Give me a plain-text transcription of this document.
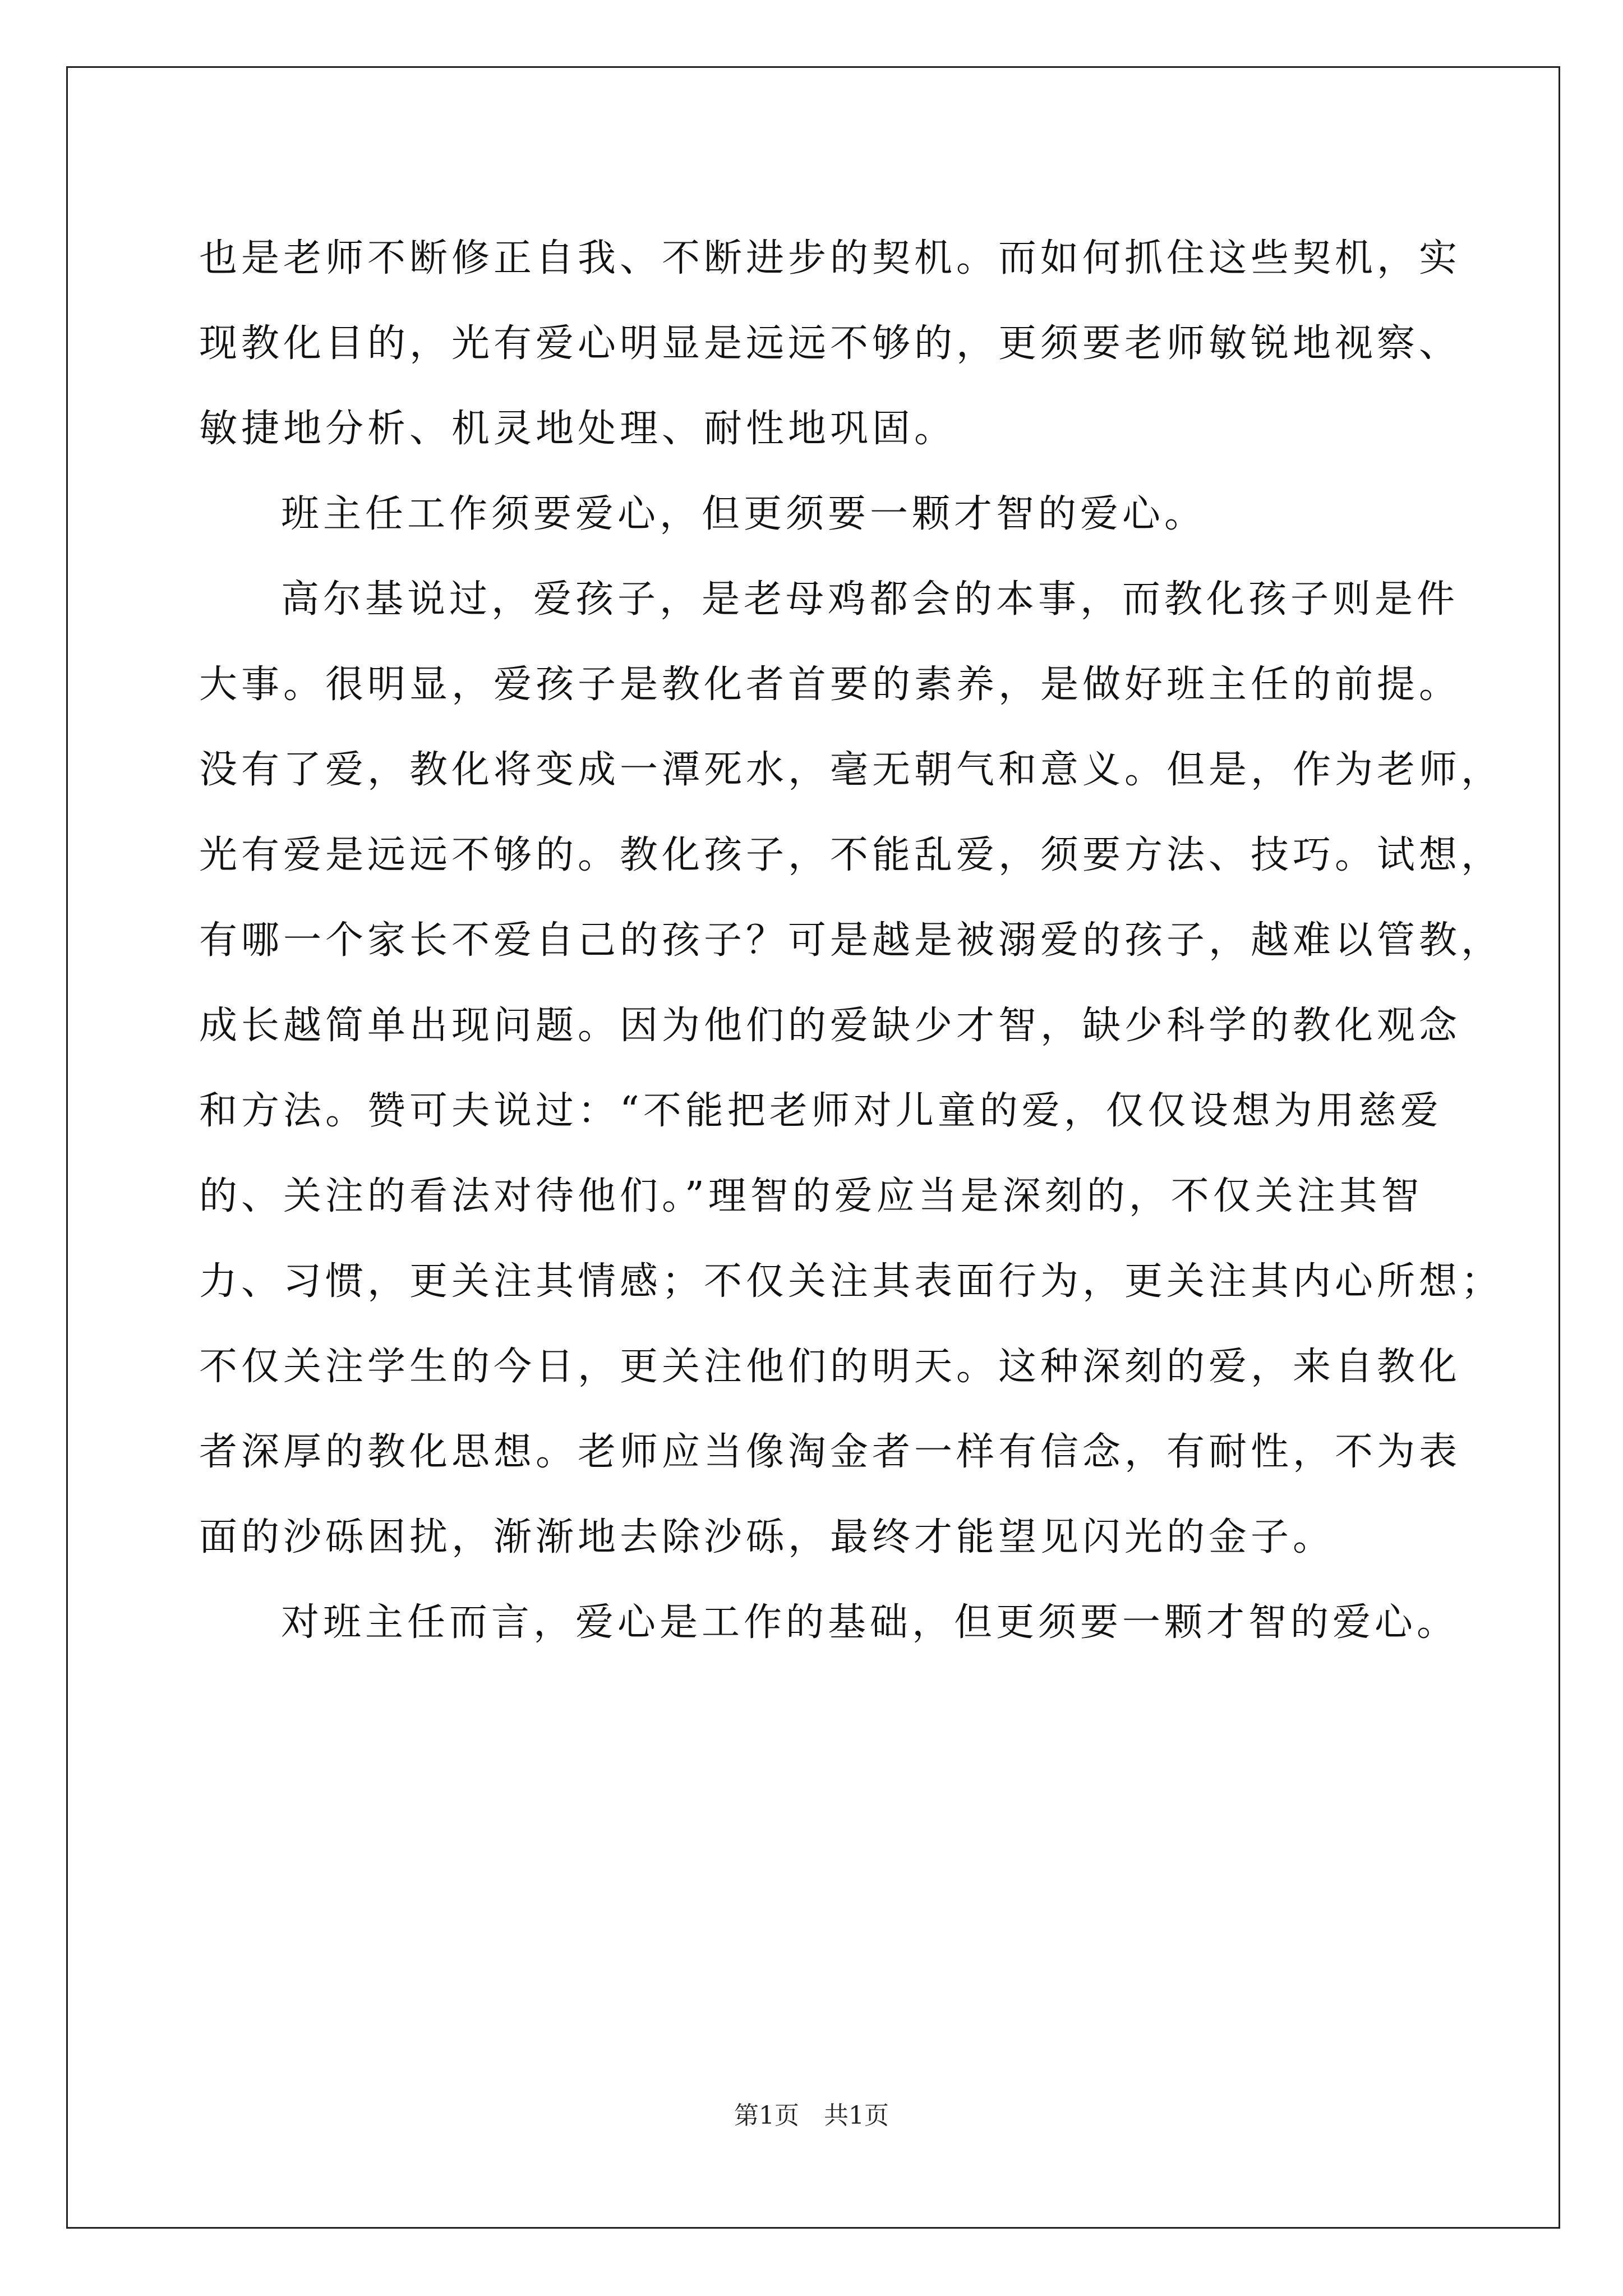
也是老师不断修正自我、不断进步的契机。而如何抓住这些契机，实
现教化目的，光有爱心明显是远远不够的，更须要老师敏锐地视察、
敏捷地分析、机灵地处理、耐性地巩固。
班主任工作须要爱心，但更须要一颗才智的爱心。
高尔基说过，爱孩子，是老母鸡都会的本事，而教化孩子则是件
大事。很明显，爱孩子是教化者首要的素养，是做好班主任的前提。
没有了爱，教化将变成一潭死水，毫无朝气和意义。但是，作为老师，
光有爱是远远不够的。教化孩子，不能乱爱，须要方法、技巧。试想，
有哪一个家长不爱自己的孩子？可是越是被溺爱的孩子，越难以管教，
成长越简单出现问题。因为他们的爱缺少才智，缺少科学的教化观念
和方法。赞可夫说过：“不能把老师对儿童的爱，仅仅设想为用慈爱
的、关注的看法对待他们。”理智的爱应当是深刻的，不仅关注其智
力、习惯，更关注其情感；不仅关注其表面行为，更关注其内心所想；
不仅关注学生的今日，更关注他们的明天。这种深刻的爱，来自教化
者深厚的教化思想。老师应当像淘金者一样有信念，有耐性，不为表
面的沙砾困扰，渐渐地去除沙砾，最终才能望见闪光的金子。
对班主任而言，爱心是工作的基础，但更须要一颗才智的爱心。
第1页　共1页
